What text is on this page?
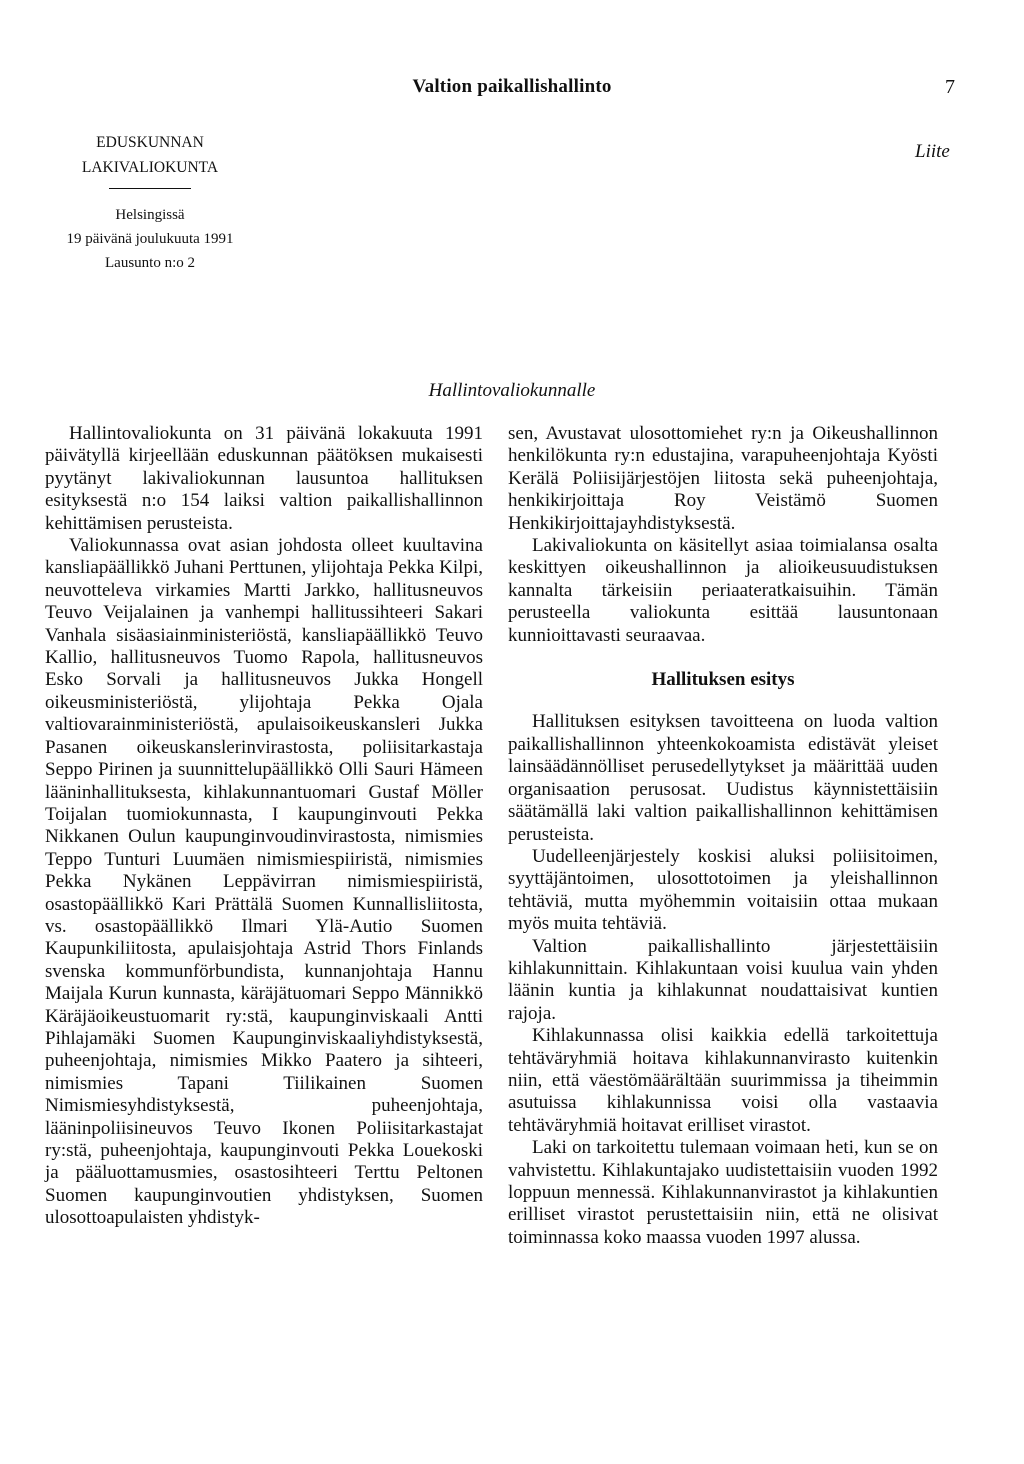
Valtion paikallishallinto	7
Liite
EDUSKUNNAN
LAKIVALIOKUNTA
Helsingissä
19 päivänä joulukuuta 1991
Lausunto n:o 2
Hallintovaliokunnalle

Hallintovaliokunta on 31 päivänä lokakuuta 1991 päivätyllä kirjeellään eduskunnan päätöksen mukaisesti pyytänyt lakivaliokunnan lausuntoa hallituksen esityksestä n:o 154 laiksi valtion paikallishallinnon kehittämisen perusteista.

Valiokunnassa ovat asian johdosta olleet kuultavina kansliapäällikkö Juhani Perttunen, ylijohtaja Pekka Kilpi, neuvotteleva virkamies Martti Jarkko, hallitusneuvos Teuvo Veijalainen ja vanhempi hallitussihteeri Sakari Vanhala sisäasiainministeriöstä, kansliapäällikkö Teuvo Kallio, hallitusneuvos Tuomo Rapola, hallitusneuvos Esko Sorvali ja hallitusneuvos Jukka Hongell oikeusministeriöstä, ylijohtaja Pekka Ojala valtiovarainministeriöstä, apulaisoikeuskansleri Jukka Pasanen oikeuskanslerinvirastosta, poliisitarkastaja Seppo Pirinen ja suunnittelupäällikkö Olli Sauri Hämeen lääninhallituksesta, kihlakunnantuomari Gustaf Möller Toijalan tuomiokunnasta, I kaupunginvouti Pekka Nikkanen Oulun kaupunginvoudinvirastosta, nimismies Teppo Tunturi Luumäen nimismiespiiristä, nimismies Pekka Nykänen Leppävirran nimismiespiiristä, osastopäällikkö Kari Prättälä Suomen Kunnallisliitosta, vs. osastopäällikkö Ilmari Ylä-Autio Suomen Kaupunkiliitosta, apulaisjohtaja Astrid Thors Finlands svenska kommunförbundista, kunnanjohtaja Hannu Maijala Kurun kunnasta, käräjätuomari Seppo Männikkö Käräjäoikeustuomarit ry:stä, kaupunginviskaali Antti Pihlajamäki Suomen Kaupunginviskaaliyhdistyksestä, puheenjohtaja, nimismies Mikko Paatero ja sihteeri, nimismies Tapani Tiilikainen Suomen Nimismiesyhdistyksestä, puheenjohtaja, lääninpoliisineuvos Teuvo Ikonen Poliisitarkastajat ry:stä, puheenjohtaja, kaupunginvouti Pekka Louekoski ja pääluottamusmies, osastosihteeri Terttu Peltonen Suomen kaupunginvoutien yhdistyksen, Suomen ulosottoapulaisten yhdistyk-

sen, Avustavat ulosottomiehet ry:n ja Oikeushallinnon henkilökunta ry:n edustajina, varapuheenjohtaja Kyösti Kerälä Poliisijärjestöjen liitosta sekä puheenjohtaja, henkikirjoittaja Roy Veistämö Suomen Henkikirjoittajayhdistyksestä.

Lakivaliokunta on käsitellyt asiaa toimialansa osalta keskittyen oikeushallinnon ja alioikeusuudistuksen kannalta tärkeisiin periaateratkaisuihin. Tämän perusteella valiokunta esittää lausuntonaan kunnioittavasti seuraavaa.

Hallituksen esitys

Hallituksen esityksen tavoitteena on luoda valtion paikallishallinnon yhteenkokoamista edistävät yleiset lainsäädännölliset perusedellytykset ja määrittää uuden organisaation perusosat. Uudistus käynnistettäisiin säätämällä laki valtion paikallishallinnon kehittämisen perusteista.

Uudelleenjärjestely koskisi aluksi poliisitoimen, syyttäjäntoimen, ulosottotoimen ja yleishallinnon tehtäviä, mutta myöhemmin voitaisiin ottaa mukaan myös muita tehtäviä.

Valtion paikallishallinto järjestettäisiin kihlakunnittain. Kihlakuntaan voisi kuulua vain yhden läänin kuntia ja kihlakunnat noudattaisivat kuntien rajoja.

Kihlakunnassa olisi kaikkia edellä tarkoitettuja tehtäväryhmiä hoitava kihlakunnanvirasto kuitenkin niin, että väestömäärältään suurimmissa ja tiheimmin asutuissa kihlakunnissa voisi olla vastaavia tehtäväryhmiä hoitavat erilliset virastot.

Laki on tarkoitettu tulemaan voimaan heti, kun se on vahvistettu. Kihlakuntajako uudistettaisiin vuoden 1992 loppuun mennessä. Kihlakunnanvirastot ja kihlakuntien erilliset virastot perustettaisiin niin, että ne olisivat toiminnassa koko maassa vuoden 1997 alussa.
